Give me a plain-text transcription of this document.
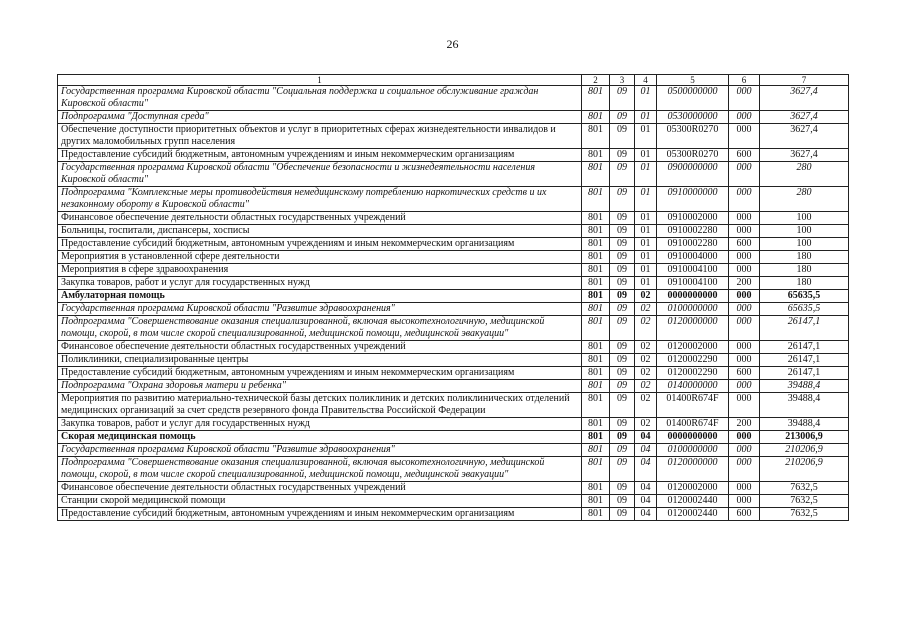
26
1	2	3	4	5	6	7
Государственная программа Кировской области "Социальная поддержка и социальное обслуживание граждан Кировской области"	801	09	01	0500000000	000	3627,4
Подпрограмма "Доступная среда"	801	09	01	0530000000	000	3627,4
Обеспечение доступности приоритетных объектов и услуг в приоритетных сферах жизнедеятельности инвалидов и других маломобильных групп населения	801	09	01	05300R0270	000	3627,4
Предоставление субсидий бюджетным, автономным учреждениям и иным некоммерческим организациям	801	09	01	05300R0270	600	3627,4
Государственная программа Кировской области "Обеспечение безопасности и жизнедеятельности населения Кировской области"	801	09	01	0900000000	000	280
Подпрограмма "Комплексные меры противодействия немедицинскому потреблению наркотических средств и их незаконному обороту в Кировской области"	801	09	01	0910000000	000	280
Финансовое обеспечение деятельности областных государственных учреждений	801	09	01	0910002000	000	100
Больницы, госпитали, диспансеры, хосписы	801	09	01	0910002280	000	100
Предоставление субсидий бюджетным, автономным учреждениям и иным некоммерческим организациям	801	09	01	0910002280	600	100
Мероприятия в установленной сфере деятельности	801	09	01	0910004000	000	180
Мероприятия в сфере здравоохранения	801	09	01	0910004100	000	180
Закупка товаров, работ и услуг для государственных нужд	801	09	01	0910004100	200	180
Амбулаторная помощь	801	09	02	0000000000	000	65635,5
Государственная программа Кировской области "Развитие здравоохранения"	801	09	02	0100000000	000	65635,5
Подпрограмма "Совершенствование оказания специализированной, включая высокотехнологичную, медицинской помощи, скорой, в том числе скорой специализированной, медицинской помощи, медицинской эвакуации"	801	09	02	0120000000	000	26147,1
Финансовое обеспечение деятельности областных государственных учреждений	801	09	02	0120002000	000	26147,1
Поликлиники, специализированные центры	801	09	02	0120002290	000	26147,1
Предоставление субсидий бюджетным, автономным учреждениям и иным некоммерческим организациям	801	09	02	0120002290	600	26147,1
Подпрограмма "Охрана здоровья матери и ребенка"	801	09	02	0140000000	000	39488,4
Мероприятия по развитию материально-технической базы детских поликлиник и детских поликлинических отделений медицинских организаций за счет средств резервного фонда Правительства Российской Федерации	801	09	02	01400R674F	000	39488,4
Закупка товаров, работ и услуг для государственных нужд	801	09	02	01400R674F	200	39488,4
Скорая медицинская помощь	801	09	04	0000000000	000	213006,9
Государственная программа Кировской области "Развитие здравоохранения"	801	09	04	0100000000	000	210206,9
Подпрограмма "Совершенствование оказания специализированной, включая высокотехнологичную, медицинской помощи, скорой, в том числе скорой специализированной, медицинской помощи, медицинской эвакуации"	801	09	04	0120000000	000	210206,9
Финансовое обеспечение деятельности областных государственных учреждений	801	09	04	0120002000	000	7632,5
Станции скорой медицинской помощи	801	09	04	0120002440	000	7632,5
Предоставление субсидий бюджетным, автономным учреждениям и иным некоммерческим организациям	801	09	04	0120002440	600	7632,5
